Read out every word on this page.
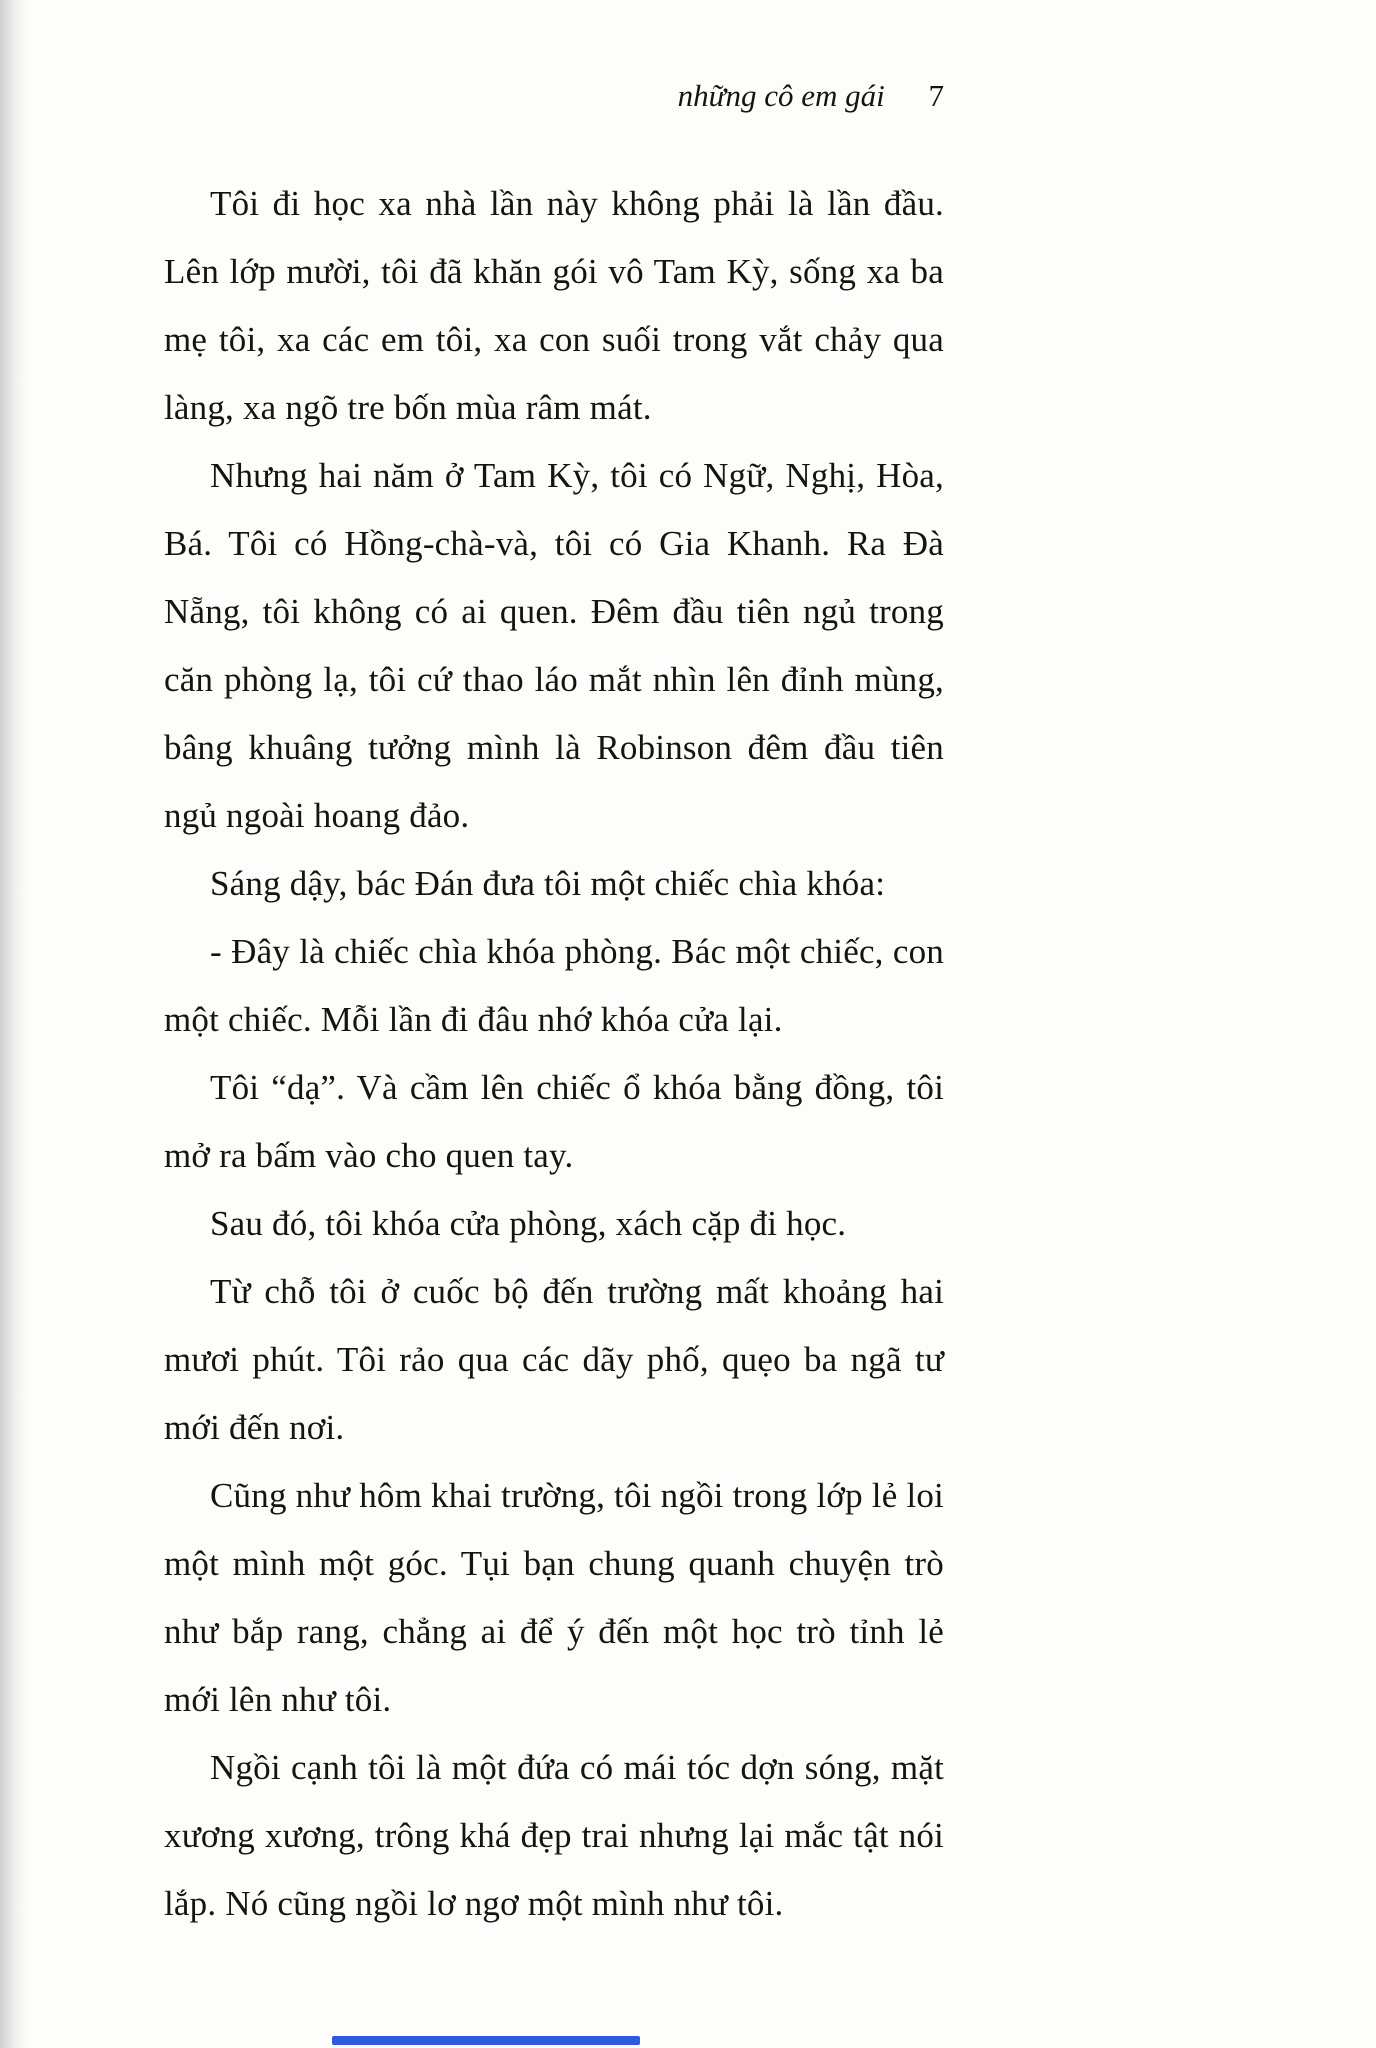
những cô em gái 7

Tôi đi học xa nhà lần này không phải là lần đầu. Lên lớp mười, tôi đã khăn gói vô Tam Kỳ, sống xa ba mẹ tôi, xa các em tôi, xa con suối trong vắt chảy qua làng, xa ngõ tre bốn mùa râm mát.

Nhưng hai năm ở Tam Kỳ, tôi có Ngữ, Nghị, Hòa, Bá. Tôi có Hồng-chà-và, tôi có Gia Khanh. Ra Đà Nẵng, tôi không có ai quen. Đêm đầu tiên ngủ trong căn phòng lạ, tôi cứ thao láo mắt nhìn lên đỉnh mùng, bâng khuâng tưởng mình là Robinson đêm đầu tiên ngủ ngoài hoang đảo.

Sáng dậy, bác Đán đưa tôi một chiếc chìa khóa:

- Đây là chiếc chìa khóa phòng. Bác một chiếc, con một chiếc. Mỗi lần đi đâu nhớ khóa cửa lại.

Tôi “dạ”. Và cầm lên chiếc ổ khóa bằng đồng, tôi mở ra bấm vào cho quen tay.

Sau đó, tôi khóa cửa phòng, xách cặp đi học.

Từ chỗ tôi ở cuốc bộ đến trường mất khoảng hai mươi phút. Tôi rảo qua các dãy phố, quẹo ba ngã tư mới đến nơi.

Cũng như hôm khai trường, tôi ngồi trong lớp lẻ loi một mình một góc. Tụi bạn chung quanh chuyện trò như bắp rang, chẳng ai để ý đến một học trò tỉnh lẻ mới lên như tôi.

Ngồi cạnh tôi là một đứa có mái tóc dợn sóng, mặt xương xương, trông khá đẹp trai nhưng lại mắc tật nói lắp. Nó cũng ngồi lơ ngơ một mình như tôi.
